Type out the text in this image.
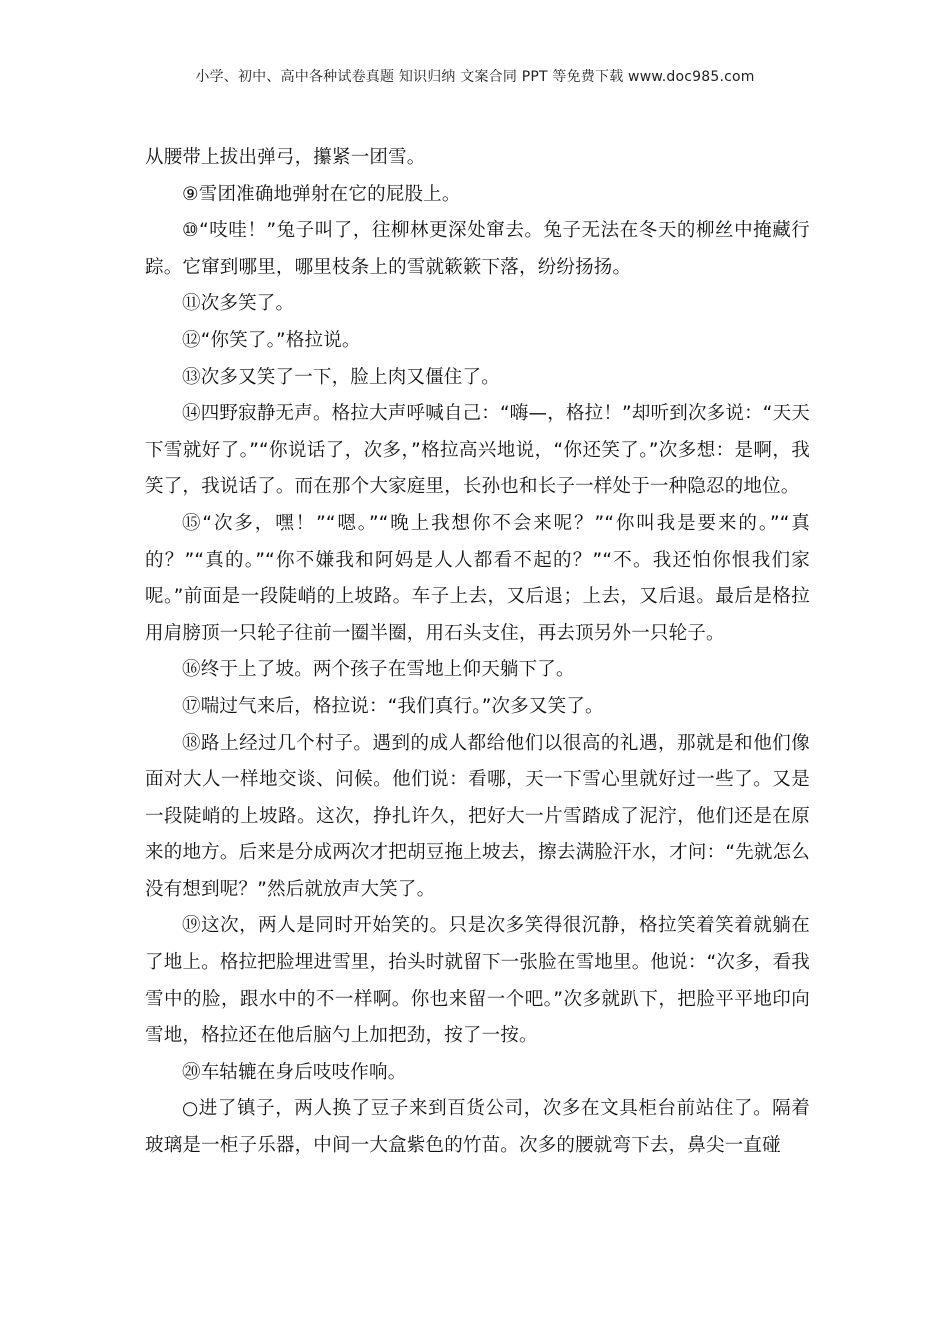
小学、初中、高中各种试卷真题 知识归纳 文案合同 PPT 等免费下载 www.doc985.com

从腰带上拔出弹弓，攥紧一团雪。

⑨雪团准确地弹射在它的屁股上。

⑩“吱哇！”兔子叫了，往柳林更深处窜去。兔子无法在冬天的柳丝中掩藏行踪。它窜到哪里，哪里枝条上的雪就簌簌下落，纷纷扬扬。

⑪次多笑了。

⑫“你笑了。”格拉说。

⑬次多又笑了一下，脸上肉又僵住了。

⑭四野寂静无声。格拉大声呼喊自己：“嗨—，格拉！”却听到次多说：“天天下雪就好了。”“你说话了，次多，”格拉高兴地说，“你还笑了。”次多想：是啊，我笑了，我说话了。而在那个大家庭里，长孙也和长子一样处于一种隐忍的地位。

⑮“次多，嘿！”“嗯。”“晚上我想你不会来呢？”“你叫我是要来的。”“真的？”“真的。”“你不嫌我和阿妈是人人都看不起的？”“不。我还怕你恨我们家呢。”前面是一段陡峭的上坡路。车子上去，又后退；上去，又后退。最后是格拉用肩膀顶一只轮子往前一圈半圈，用石头支住，再去顶另外一只轮子。

⑯终于上了坡。两个孩子在雪地上仰天躺下了。

⑰喘过气来后，格拉说：“我们真行。”次多又笑了。

⑱路上经过几个村子。遇到的成人都给他们以很高的礼遇，那就是和他们像面对大人一样地交谈、问候。他们说：看哪，天一下雪心里就好过一些了。又是一段陡峭的上坡路。这次，挣扎许久，把好大一片雪踏成了泥泞，他们还是在原来的地方。后来是分成两次才把胡豆拖上坡去，擦去满脸汗水，才问：“先就怎么没有想到呢？”然后就放声大笑了。

⑲这次，两人是同时开始笑的。只是次多笑得很沉静，格拉笑着笑着就躺在了地上。格拉把脸埋进雪里，抬头时就留下一张脸在雪地里。他说：“次多，看我雪中的脸，跟水中的不一样啊。你也来留一个吧。”次多就趴下，把脸平平地印向雪地，格拉还在他后脑勺上加把劲，按了一按。

⑳车轱辘在身后吱吱作响。

○进了镇子，两人换了豆子来到百货公司，次多在文具柜台前站住了。隔着玻璃是一柜子乐器，中间一大盒紫色的竹苗。次多的腰就弯下去，鼻尖一直碰
